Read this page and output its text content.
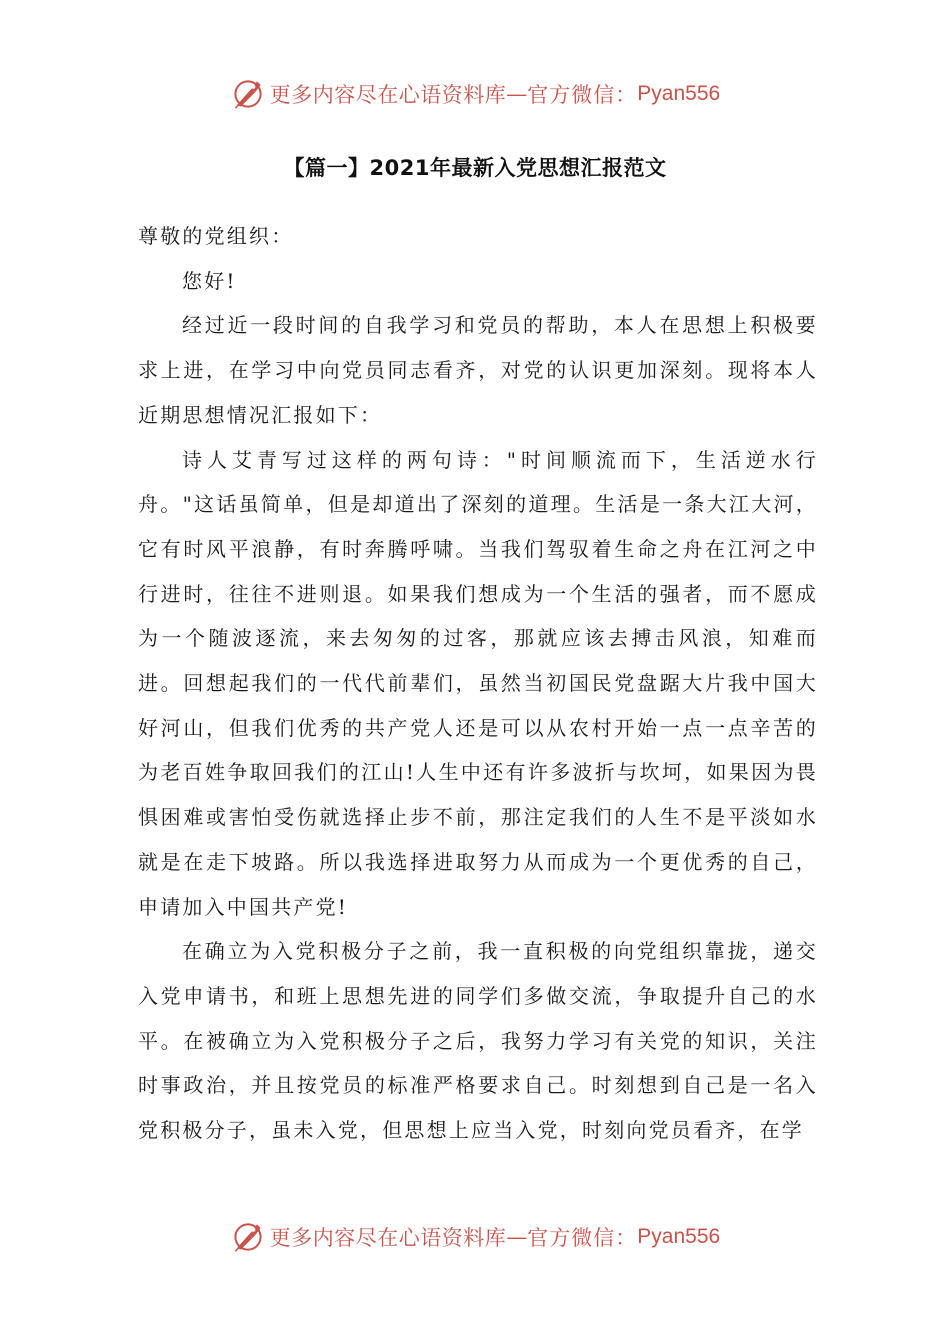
更多内容尽在心语资料库 — 官方微信： Pyan556
【篇一】2021年最新入党思想汇报范文

尊敬的党组织：

您好!

经过近一段时间的自我学习和党员的帮助，本人在思想上积极要求上进，在学习中向党员同志看齐，对党的认识更加深刻。现将本人近期思想情况汇报如下：

诗人艾青写过这样的两句诗："时间顺流而下，生活逆水行舟。"这话虽简单，但是却道出了深刻的道理。生活是一条大江大河，它有时风平浪静，有时奔腾呼啸。当我们驾驭着生命之舟在江河之中行进时，往往不进则退。如果我们想成为一个生活的强者，而不愿成为一个随波逐流，来去匆匆的过客，那就应该去搏击风浪，知难而进。回想起我们的一代代前辈们，虽然当初国民党盘踞大片我中国大好河山，但我们优秀的共产党人还是可以从农村开始一点一点辛苦的为老百姓争取回我们的江山!人生中还有许多波折与坎坷，如果因为畏惧困难或害怕受伤就选择止步不前，那注定我们的人生不是平淡如水就是在走下坡路。所以我选择进取努力从而成为一个更优秀的自己，申请加入中国共产党!

在确立为入党积极分子之前，我一直积极的向党组织靠拢，递交入党申请书，和班上思想先进的同学们多做交流，争取提升自己的水平。在被确立为入党积极分子之后，我努力学习有关党的知识，关注时事政治，并且按党员的标准严格要求自己。时刻想到自己是一名入党积极分子，虽未入党，但思想上应当入党，时刻向党员看齐，在学

更多内容尽在心语资料库 — 官方微信： Pyan556
